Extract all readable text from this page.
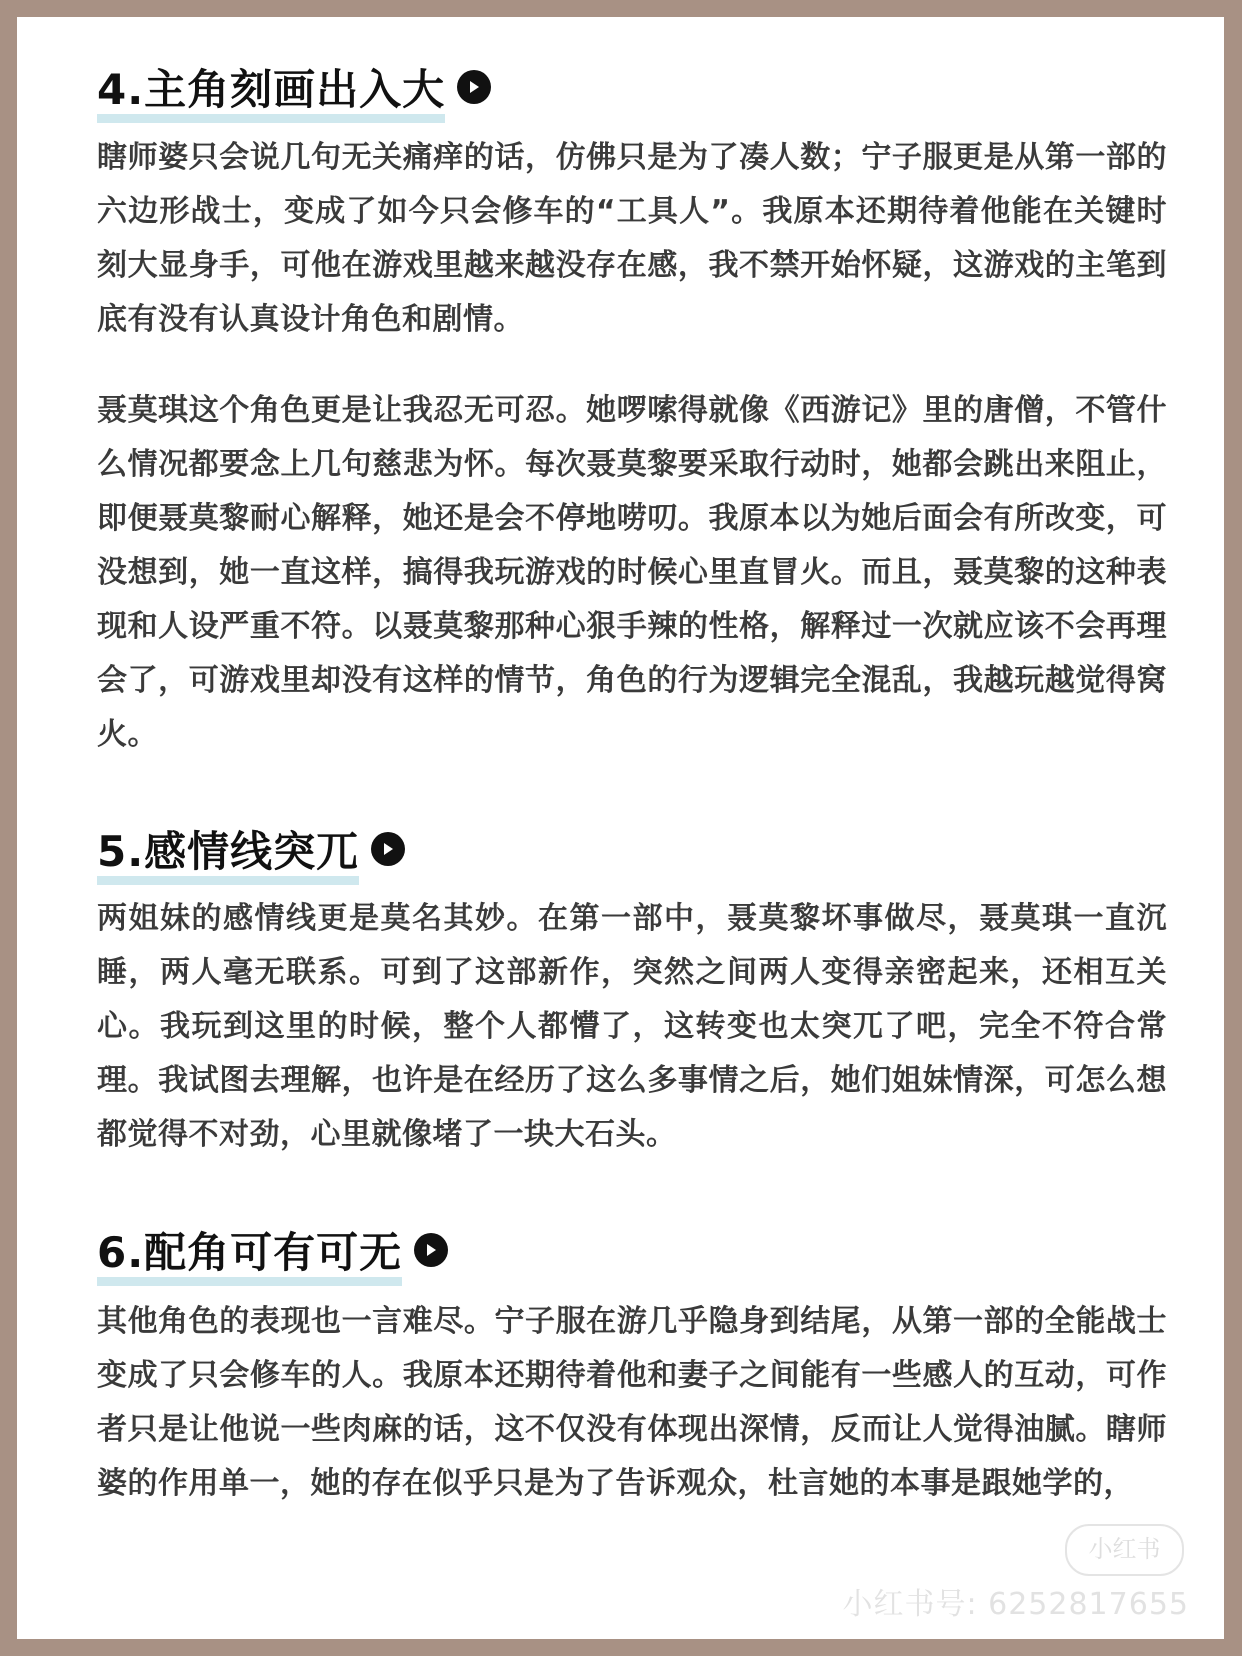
4.主角刻画出入大

瞎师婆只会说几句无关痛痒的话，仿佛只是为了凑人数；宁子服更是从第一部的六边形战士，变成了如今只会修车的“工具人”。我原本还期待着他能在关键时刻大显身手，可他在游戏里越来越没存在感，我不禁开始怀疑，这游戏的主笔到底有没有认真设计角色和剧情。

聂莫琪这个角色更是让我忍无可忍。她啰嗦得就像《西游记》里的唐僧，不管什么情况都要念上几句慈悲为怀。每次聂莫黎要采取行动时，她都会跳出来阻止，即便聂莫黎耐心解释，她还是会不停地唠叨。我原本以为她后面会有所改变，可没想到，她一直这样，搞得我玩游戏的时候心里直冒火。而且，聂莫黎的这种表现和人设严重不符。以聂莫黎那种心狠手辣的性格，解释过一次就应该不会再理会了，可游戏里却没有这样的情节，角色的行为逻辑完全混乱，我越玩越觉得窝火。

5.感情线突兀

两姐妹的感情线更是莫名其妙。在第一部中，聂莫黎坏事做尽，聂莫琪一直沉睡，两人毫无联系。可到了这部新作，突然之间两人变得亲密起来，还相互关心。我玩到这里的时候，整个人都懵了，这转变也太突兀了吧，完全不符合常理。我试图去理解，也许是在经历了这么多事情之后，她们姐妹情深，可怎么想都觉得不对劲，心里就像堵了一块大石头。

6.配角可有可无

其他角色的表现也一言难尽。宁子服在游几乎隐身到结尾，从第一部的全能战士变成了只会修车的人。我原本还期待着他和妻子之间能有一些感人的互动，可作者只是让他说一些肉麻的话，这不仅没有体现出深情，反而让人觉得油腻。瞎师婆的作用单一，她的存在似乎只是为了告诉观众，杜言她的本事是跟她学的，

小红书
小红书号: 6252817655
